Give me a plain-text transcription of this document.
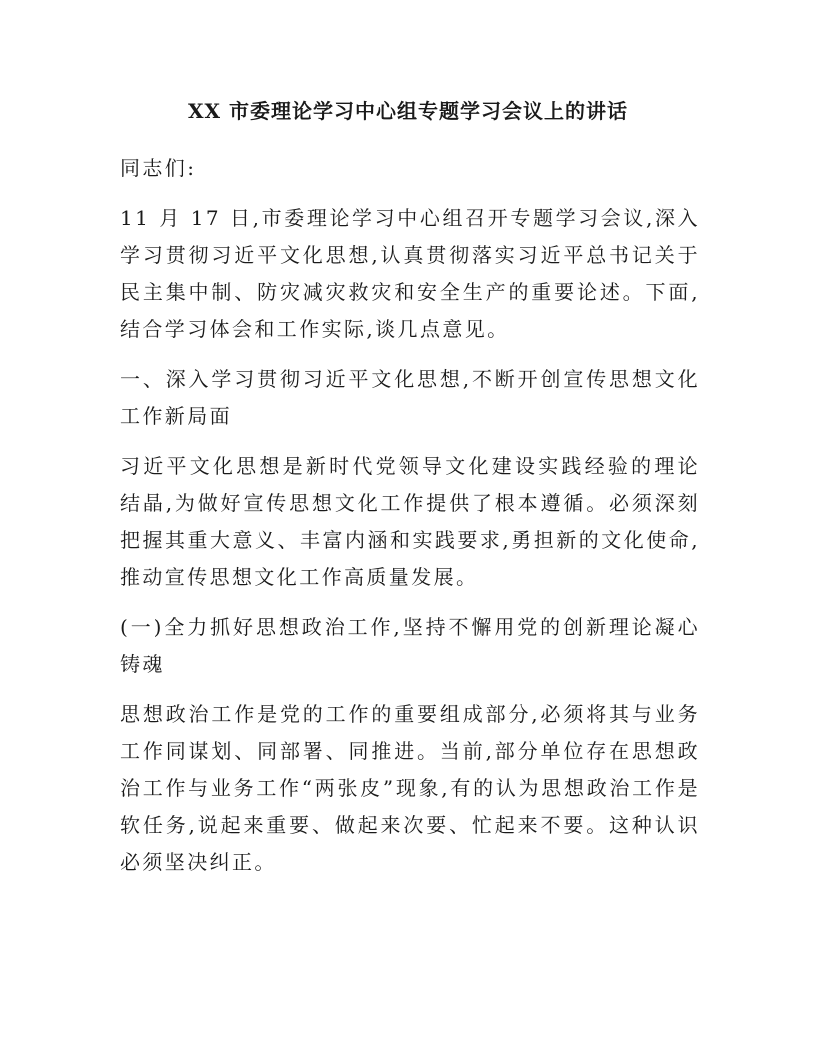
XX 市委理论学习中心组专题学习会议上的讲话

同志们:

11 月 17 日,市委理论学习中心组召开专题学习会议,深入学习贯彻习近平文化思想,认真贯彻落实习近平总书记关于民主集中制、防灾减灾救灾和安全生产的重要论述。下面,结合学习体会和工作实际,谈几点意见。

一、深入学习贯彻习近平文化思想,不断开创宣传思想文化工作新局面

习近平文化思想是新时代党领导文化建设实践经验的理论结晶,为做好宣传思想文化工作提供了根本遵循。必须深刻把握其重大意义、丰富内涵和实践要求,勇担新的文化使命,推动宣传思想文化工作高质量发展。

(一)全力抓好思想政治工作,坚持不懈用党的创新理论凝心铸魂

思想政治工作是党的工作的重要组成部分,必须将其与业务工作同谋划、同部署、同推进。当前,部分单位存在思想政治工作与业务工作“两张皮”现象,有的认为思想政治工作是软任务,说起来重要、做起来次要、忙起来不要。这种认识必须坚决纠正。
